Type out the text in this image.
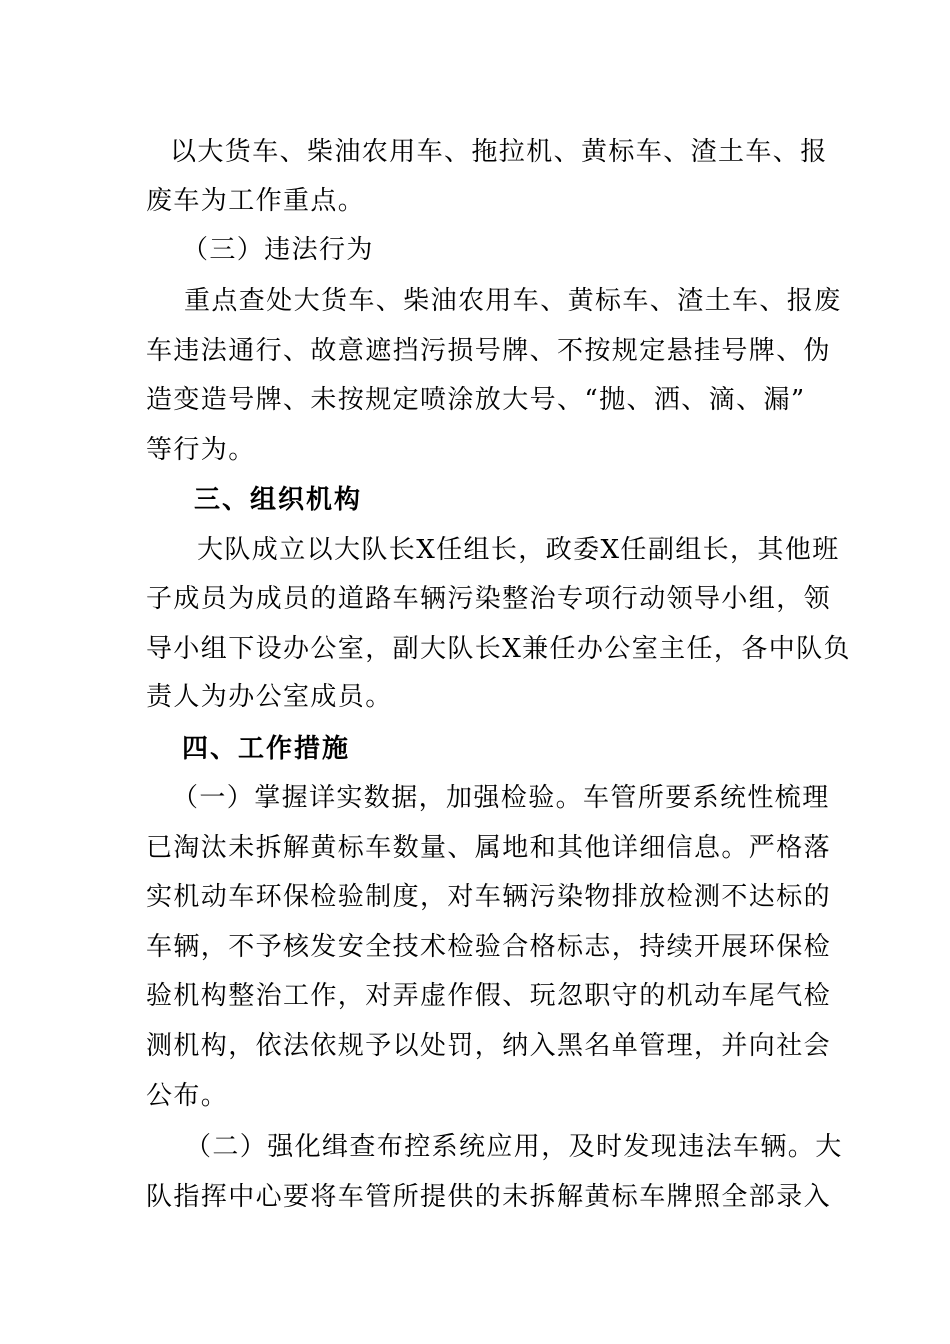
以大货车、柴油农用车、拖拉机、黄标车、渣土车、报
废车为工作重点。
（三）违法行为
重点查处大货车、柴油农用车、黄标车、渣土车、报废
车违法通行、故意遮挡污损号牌、不按规定悬挂号牌、伪
造变造号牌、未按规定喷涂放大号、“抛、洒、滴、漏”
等行为。
三、组织机构
大队成立以大队长X任组长，政委X任副组长，其他班
子成员为成员的道路车辆污染整治专项行动领导小组，领
导小组下设办公室，副大队长X兼任办公室主任，各中队负
责人为办公室成员。
四、工作措施
（一）掌握详实数据，加强检验。车管所要系统性梳理
已淘汰未拆解黄标车数量、属地和其他详细信息。严格落
实机动车环保检验制度，对车辆污染物排放检测不达标的
车辆，不予核发安全技术检验合格标志，持续开展环保检
验机构整治工作，对弄虚作假、玩忽职守的机动车尾气检
测机构，依法依规予以处罚，纳入黑名单管理，并向社会
公布。
（二）强化缉查布控系统应用，及时发现违法车辆。大
队指挥中心要将车管所提供的未拆解黄标车牌照全部录入
